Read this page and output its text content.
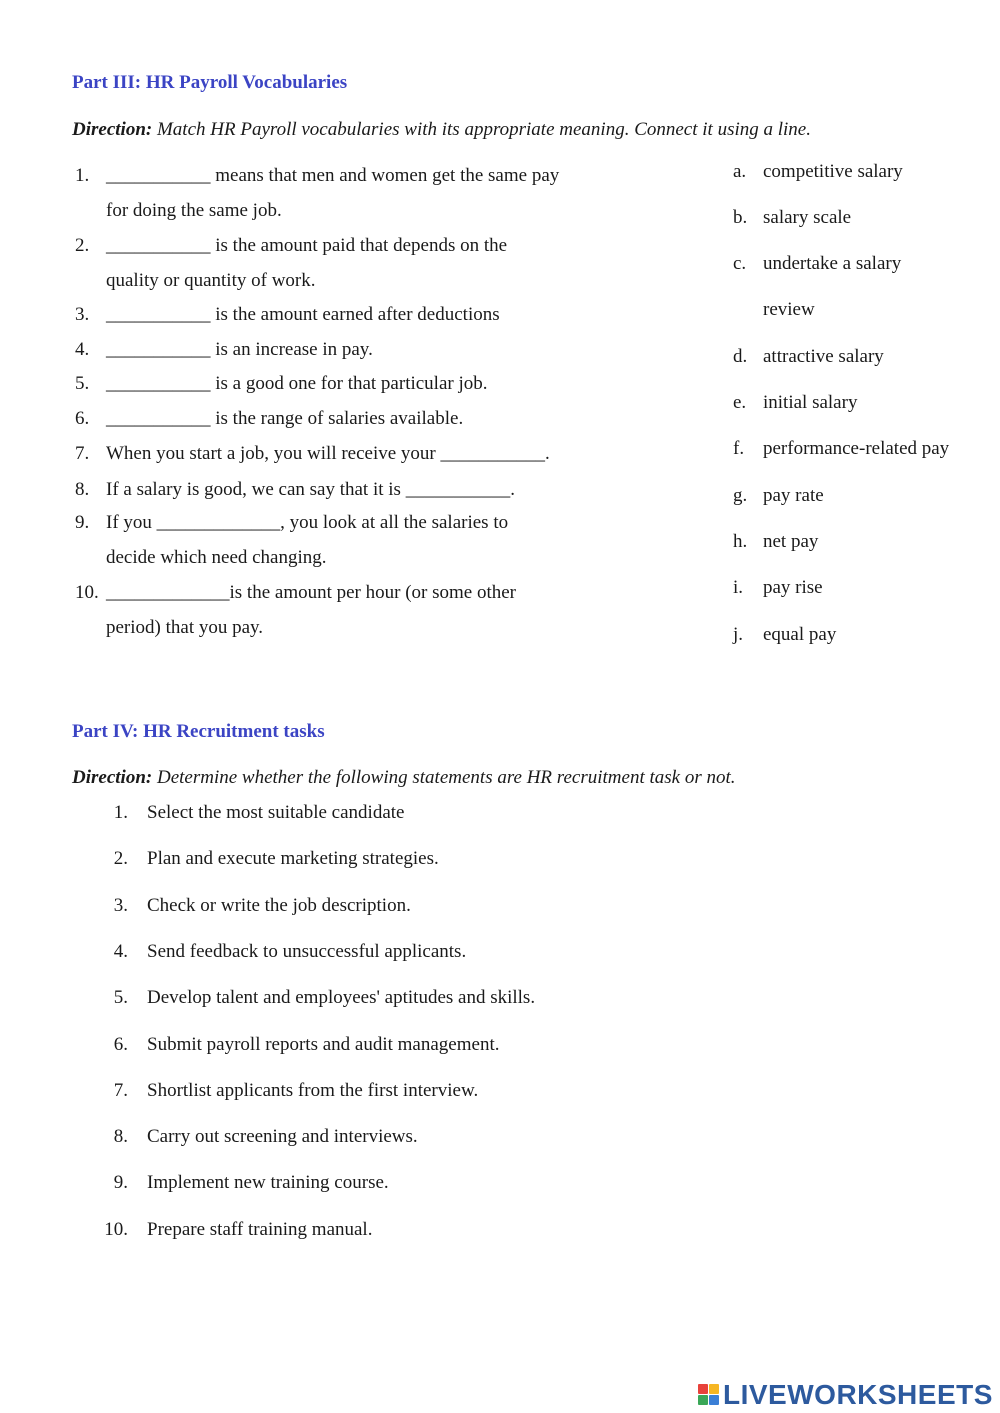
Part III: HR Payroll Vocabularies
Direction: Match HR Payroll vocabularies with its appropriate meaning. Connect it using a line.
1. ___________ means that men and women get the same pay
for doing the same job.
2. ___________ is the amount paid that depends on the
quality or quantity of work.
3. ___________ is the amount earned after deductions
4. ___________ is an increase in pay.
5. ___________ is a good one for that particular job.
6. ___________ is the range of salaries available.
7. When you start a job, you will receive your ___________.
8. If a salary is good, we can say that it is ___________.
9. If you _____________, you look at all the salaries to
decide which need changing.
10. _____________is the amount per hour (or some other
period) that you pay.
a. competitive salary
b. salary scale
c. undertake a salary
review
d. attractive salary
e. initial salary
f. performance-related pay
g. pay rate
h. net pay
i. pay rise
j. equal pay
Part IV: HR Recruitment tasks
Direction: Determine whether the following statements are HR recruitment task or not.
1. Select the most suitable candidate
2. Plan and execute marketing strategies.
3. Check or write the job description.
4. Send feedback to unsuccessful applicants.
5. Develop talent and employees' aptitudes and skills.
6. Submit payroll reports and audit management.
7. Shortlist applicants from the first interview.
8. Carry out screening and interviews.
9. Implement new training course.
10. Prepare staff training manual.
LIVEWORKSHEETS
